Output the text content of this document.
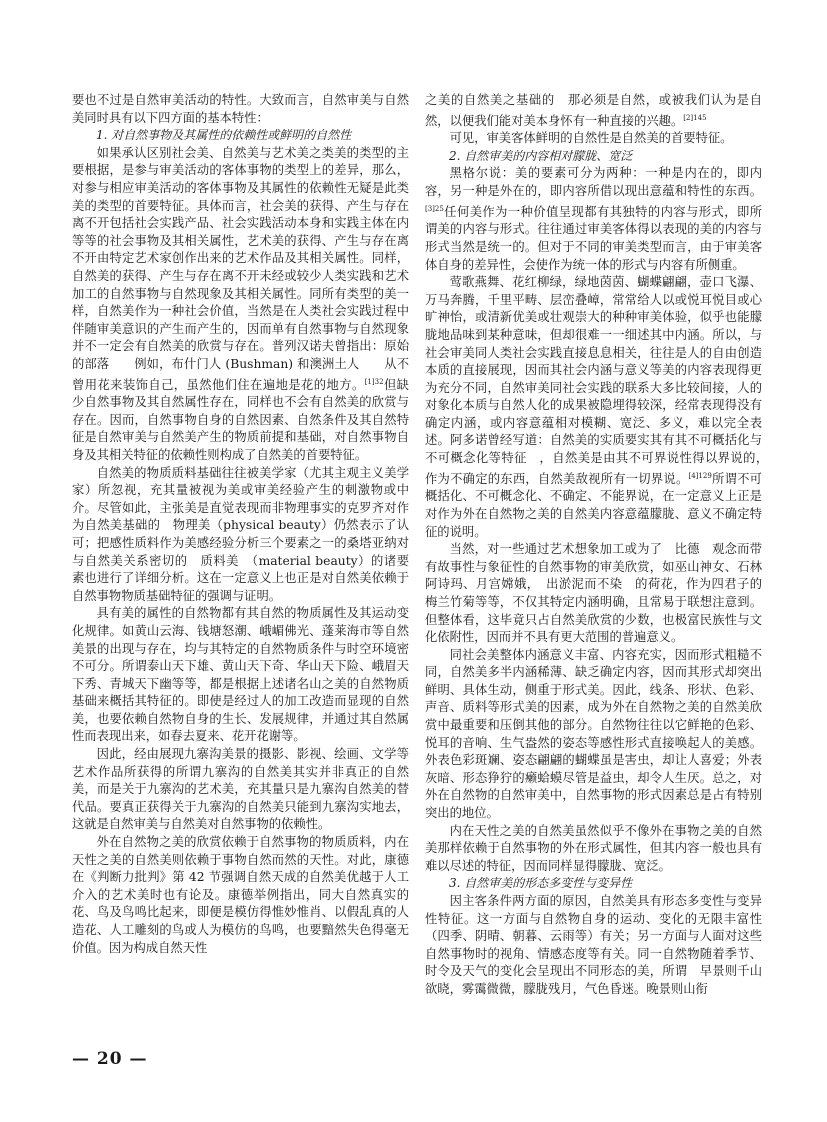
要也不过是自然审美活动的特性。大致而言，自然审美与自然美同时具有以下四方面的基本特性：

1. 对自然事物及其属性的依赖性或鲜明的自然性

如果承认区别社会美、自然美与艺术美之类美的类型的主要根据，是参与审美活动的客体事物的类型上的差异，那么，对参与相应审美活动的客体事物及其属性的依赖性无疑是此类美的类型的首要特征。具体而言，社会美的获得、产生与存在离不开包括社会实践产品、社会实践活动本身和实践主体在内等等的社会事物及其相关属性，艺术美的获得、产生与存在离不开由特定艺术家创作出来的艺术作品及其相关属性。同样，自然美的获得、产生与存在离不开未经或较少人类实践和艺术加工的自然事物与自然现象及其相关属性。同所有类型的美一样，自然美作为一种社会价值，当然是在人类社会实践过程中伴随审美意识的产生而产生的，因而单有自然事物与自然现象并不一定会有自然美的欣赏与存在。普列汉诺夫曾指出：原始的部落　　例如，布什门人 (Bushman) 和澳洲土人　　从不曾用花来装饰自己，虽然他们住在遍地是花的地方。$^{[1]32}$但缺少自然事物及其自然属性存在，同样也不会有自然美的欣赏与存在。因而，自然事物自身的自然因素、自然条件及其自然特征是自然审美与自然美产生的物质前提和基础，对自然事物自身及其相关特征的依赖性则构成了自然美的首要特征。

自然美的物质质料基础往往被美学家（尤其主观主义美学家）所忽视，充其量被视为美或审美经验产生的刺激物或中介。尽管如此，主张美是直觉表现而非物理事实的克罗齐对作为自然美基础的　物理美（physical beauty）仍然表示了认可；把感性质料作为美感经验分析三个要素之一的桑塔亚纳对与自然美关系密切的　质料美　（material beauty）的诸要素也进行了详细分析。这在一定意义上也正是对自然美依赖于自然事物物质基础特征的强调与证明。

具有美的属性的自然物都有其自然的物质属性及其运动变化规律。如黄山云海、钱塘怒潮、峨嵋佛光、蓬莱海市等自然美景的出现与存在，均与其特定的自然物质条件与时空环境密不可分。所谓泰山天下雄、黄山天下奇、华山天下险、峨眉天下秀、青城天下幽等等，都是根据上述诸名山之美的自然物质基础来概括其特征的。即使是经过人的加工改造而显现的自然美，也要依赖自然物自身的生长、发展规律，并通过其自然属性而表现出来，如春去夏来、花开花谢等。

因此，经由展现九寨沟美景的摄影、影视、绘画、文学等艺术作品所获得的所谓九寨沟的自然美其实并非真正的自然美，而是关于九寨沟的艺术美，充其量只是九寨沟自然美的替代品。要真正获得关于九寨沟的自然美只能到九寨沟实地去，这就是自然审美与自然美对自然事物的依赖性。

外在自然物之美的欣赏依赖于自然事物的物质质料，内在天性之美的自然美则依赖于事物自然而然的天性。对此，康德在《判断力批判》第 42 节强调自然天成的自然美优越于人工介入的艺术美时也有论及。康德举例指出，同大自然真实的花、鸟及鸟鸣比起来，即便是模仿得惟妙惟肖、以假乱真的人造花、人工雕刻的鸟或人为模仿的鸟鸣，也要黯然失色得毫无价值。因为构成自然天性

之美的自然美之基础的　那必须是自然，或被我们认为是自然，以便我们能对美本身怀有一种直接的兴趣。$^{[2]145}$

可见，审美客体鲜明的自然性是自然美的首要特征。

2. 自然审美的内容相对朦胧、宽泛

黑格尔说：美的要素可分为两种：一种是内在的，即内容，另一种是外在的，即内容所借以现出意蕴和特性的东西。$^{[3]25}$任何美作为一种价值呈现都有其独特的内容与形式，即所谓美的内容与形式。往往通过审美客体得以表现的美的内容与形式当然是统一的。但对于不同的审美类型而言，由于审美客体自身的差异性，会使作为统一体的形式与内容有所侧重。

莺歌燕舞、花红柳绿，绿地茵茵、蝴蝶翩翩，壶口飞瀑、万马奔腾，千里平畴、层峦叠嶂，常常给人以或悦耳悦目或心旷神怡，或清新优美或壮观崇大的种种审美体验，似乎也能朦胧地品味到某种意味，但却很难一一细述其中内涵。所以，与社会审美同人类社会实践直接息息相关，往往是人的自由创造本质的直接展现，因而其社会内涵与意义等美的内容表现得更为充分不同，自然审美同社会实践的联系大多比较间接，人的对象化本质与自然人化的成果被隐埋得较深，经常表现得没有确定内涵，或内容意蕴相对模糊、宽泛、多义，难以完全表述。阿多诺曾经写道：自然美的实质要实其有其不可概括化与不可概念化等特征　，自然美是由其不可界说性得以界说的，　　作为不确定的东西，自然美敌视所有一切界说。$^{[4]129}$所谓不可概括化、不可概念化、不确定、不能界说，在一定意义上正是对作为外在自然物之美的自然美内容意蕴朦胧、意义不确定特征的说明。

当然，对一些通过艺术想象加工或为了　比德　观念而带有故事性与象征性的自然事物的审美欣赏，如巫山神女、石林阿诗玛、月宫嫦娥，　出淤泥而不染　的荷花，作为四君子的梅兰竹菊等等，不仅其特定内涵明确，且常易于联想注意到。但整体看，这毕竟只占自然美欣赏的少数，也极富民族性与文化依附性，因而并不具有更大范围的普遍意义。

同社会美整体内涵意义丰富、内容充实，因而形式粗糙不同，自然美多半内涵稀薄、缺乏确定内容，因而其形式却突出鲜明、具体生动，侧重于形式美。因此，线条、形状、色彩、声音、质料等形式美的因素，成为外在自然物之美的自然美欣赏中最重要和压倒其他的部分。自然物往往以它鲜艳的色彩、悦耳的音响、生气盎然的姿态等感性形式直接唤起人的美感。外表色彩斑斓、姿态翩翩的蝴蝶虽是害虫，却让人喜爱；外表灰暗、形态狰狞的癞蛤蟆尽管是益虫，却令人生厌。总之，对外在自然物的自然审美中，自然事物的形式因素总是占有特别突出的地位。

内在天性之美的自然美虽然似乎不像外在事物之美的自然美那样依赖于自然事物的外在形式属性，但其内容一般也具有难以尽述的特征，因而同样显得朦胧、宽泛。

3. 自然审美的形态多变性与变异性

因主客条件两方面的原因，自然美具有形态多变性与变异性特征。这一方面与自然物自身的运动、变化的无限丰富性（四季、阴晴、朝暮、云雨等）有关；另一方面与人面对这些自然事物时的视角、情感态度等有关。同一自然物随着季节、时令及天气的变化会呈现出不同形态的美，所谓　早景则千山欲晓，雾霭微微，朦胧残月，气色昏迷。晚景则山衔

— 20 —
